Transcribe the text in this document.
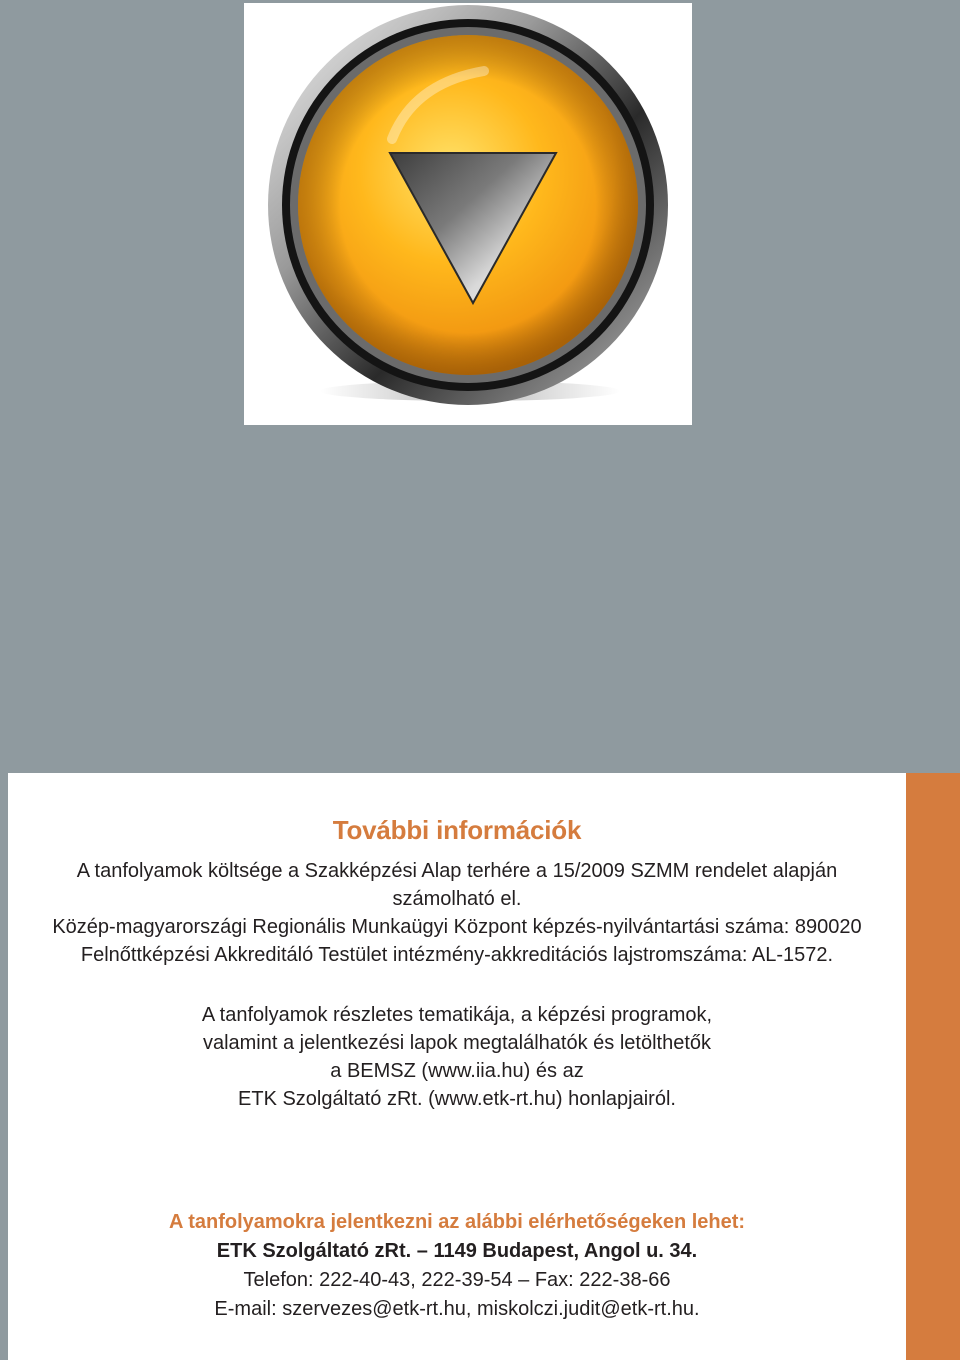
További információk
A tanfolyamok költsége a Szakképzési Alap terhére a 15/2009 SZMM rendelet alapján
számolható el.
Közép-magyarországi Regionális Munkaügyi Központ képzés-nyilvántartási száma: 890020
Felnőttképzési Akkreditáló Testület intézmény-akkreditációs lajstromszáma: AL-1572.
A tanfolyamok részletes tematikája, a képzési programok,
valamint a jelentkezési lapok megtalálhatók és letölthetők
a BEMSZ (www.iia.hu) és az
ETK Szolgáltató zRt. (www.etk-rt.hu) honlapjairól.
A tanfolyamokra jelentkezni az alábbi elérhetőségeken lehet:
ETK Szolgáltató zRt. – 1149 Budapest, Angol u. 34.
Telefon: 222-40-43, 222-39-54 – Fax: 222-38-66
E-mail: szervezes@etk-rt.hu, miskolczi.judit@etk-rt.hu.
